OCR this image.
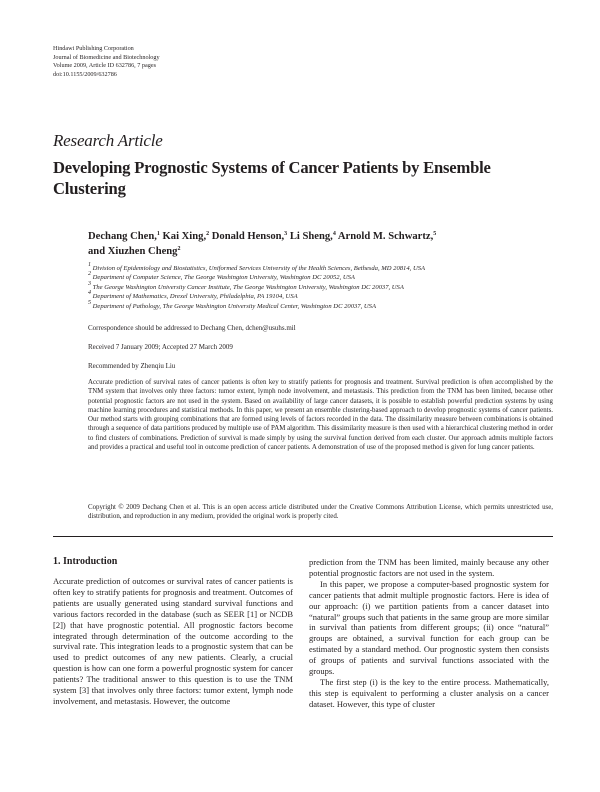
Hindawi Publishing Corporation
Journal of Biomedicine and Biotechnology
Volume 2009, Article ID 632786, 7 pages
doi:10.1155/2009/632786
Research Article
Developing Prognostic Systems of Cancer Patients by Ensemble Clustering
Dechang Chen,$^1$ Kai Xing,$^2$ Donald Henson,$^3$ Li Sheng,$^4$ Arnold M. Schwartz,$^5$
and Xiuzhen Cheng$^2$
$^1$ Division of Epidemiology and Biostatistics, Uniformed Services University of the Health Sciences, Bethesda, MD 20814, USA
$^2$ Department of Computer Science, The George Washington University, Washington DC 20052, USA
$^3$ The George Washington University Cancer Institute, The George Washington University, Washington DC 20037, USA
$^4$ Department of Mathematics, Drexel University, Philadelphia, PA 19104, USA
$^5$ Department of Pathology, The George Washington University Medical Center, Washington DC 20037, USA
Correspondence should be addressed to Dechang Chen, dchen@usuhs.mil
Received 7 January 2009; Accepted 27 March 2009
Recommended by Zhenqiu Liu
Accurate prediction of survival rates of cancer patients is often key to stratify patients for prognosis and treatment. Survival prediction is often accomplished by the TNM system that involves only three factors: tumor extent, lymph node involvement, and metastasis. This prediction from the TNM has been limited, because other potential prognostic factors are not used in the system. Based on availability of large cancer datasets, it is possible to establish powerful prediction systems by using machine learning procedures and statistical methods. In this paper, we present an ensemble clustering-based approach to develop prognostic systems of cancer patients. Our method starts with grouping combinations that are formed using levels of factors recorded in the data. The dissimilarity measure between combinations is obtained through a sequence of data partitions produced by multiple use of PAM algorithm. This dissimilarity measure is then used with a hierarchical clustering method in order to find clusters of combinations. Prediction of survival is made simply by using the survival function derived from each cluster. Our approach admits multiple factors and provides a practical and useful tool in outcome prediction of cancer patients. A demonstration of use of the proposed method is given for lung cancer patients.
Copyright © 2009 Dechang Chen et al. This is an open access article distributed under the Creative Commons Attribution License, which permits unrestricted use, distribution, and reproduction in any medium, provided the original work is properly cited.
1. Introduction

Accurate prediction of outcomes or survival rates of cancer patients is often key to stratify patients for prognosis and treatment. Outcomes of patients are usually generated using standard survival functions and various factors recorded in the database (such as SEER [1] or NCDB [2]) that have prognostic potential. All prognostic factors become integrated through determination of the outcome according to the survival rate. This integration leads to a prognostic system that can be used to predict outcomes of any new patients. Clearly, a crucial question is how can one form a powerful prognostic system for cancer patients? The traditional answer to this question is to use the TNM system [3] that involves only three factors: tumor extent, lymph node involvement, and metastasis. However, the outcome

prediction from the TNM has been limited, mainly because any other potential prognostic factors are not used in the system.

In this paper, we propose a computer-based prognostic system for cancer patients that admit multiple prognostic factors. Here is idea of our approach: (i) we partition patients from a cancer dataset into “natural” groups such that patients in the same group are more similar in survival than patients from different groups; (ii) once “natural” groups are obtained, a survival function for each group can be estimated by a standard method. Our prognostic system then consists of groups of patients and survival functions associated with the groups.

The first step (i) is the key to the entire process. Mathematically, this step is equivalent to performing a cluster analysis on a cancer dataset. However, this type of cluster
